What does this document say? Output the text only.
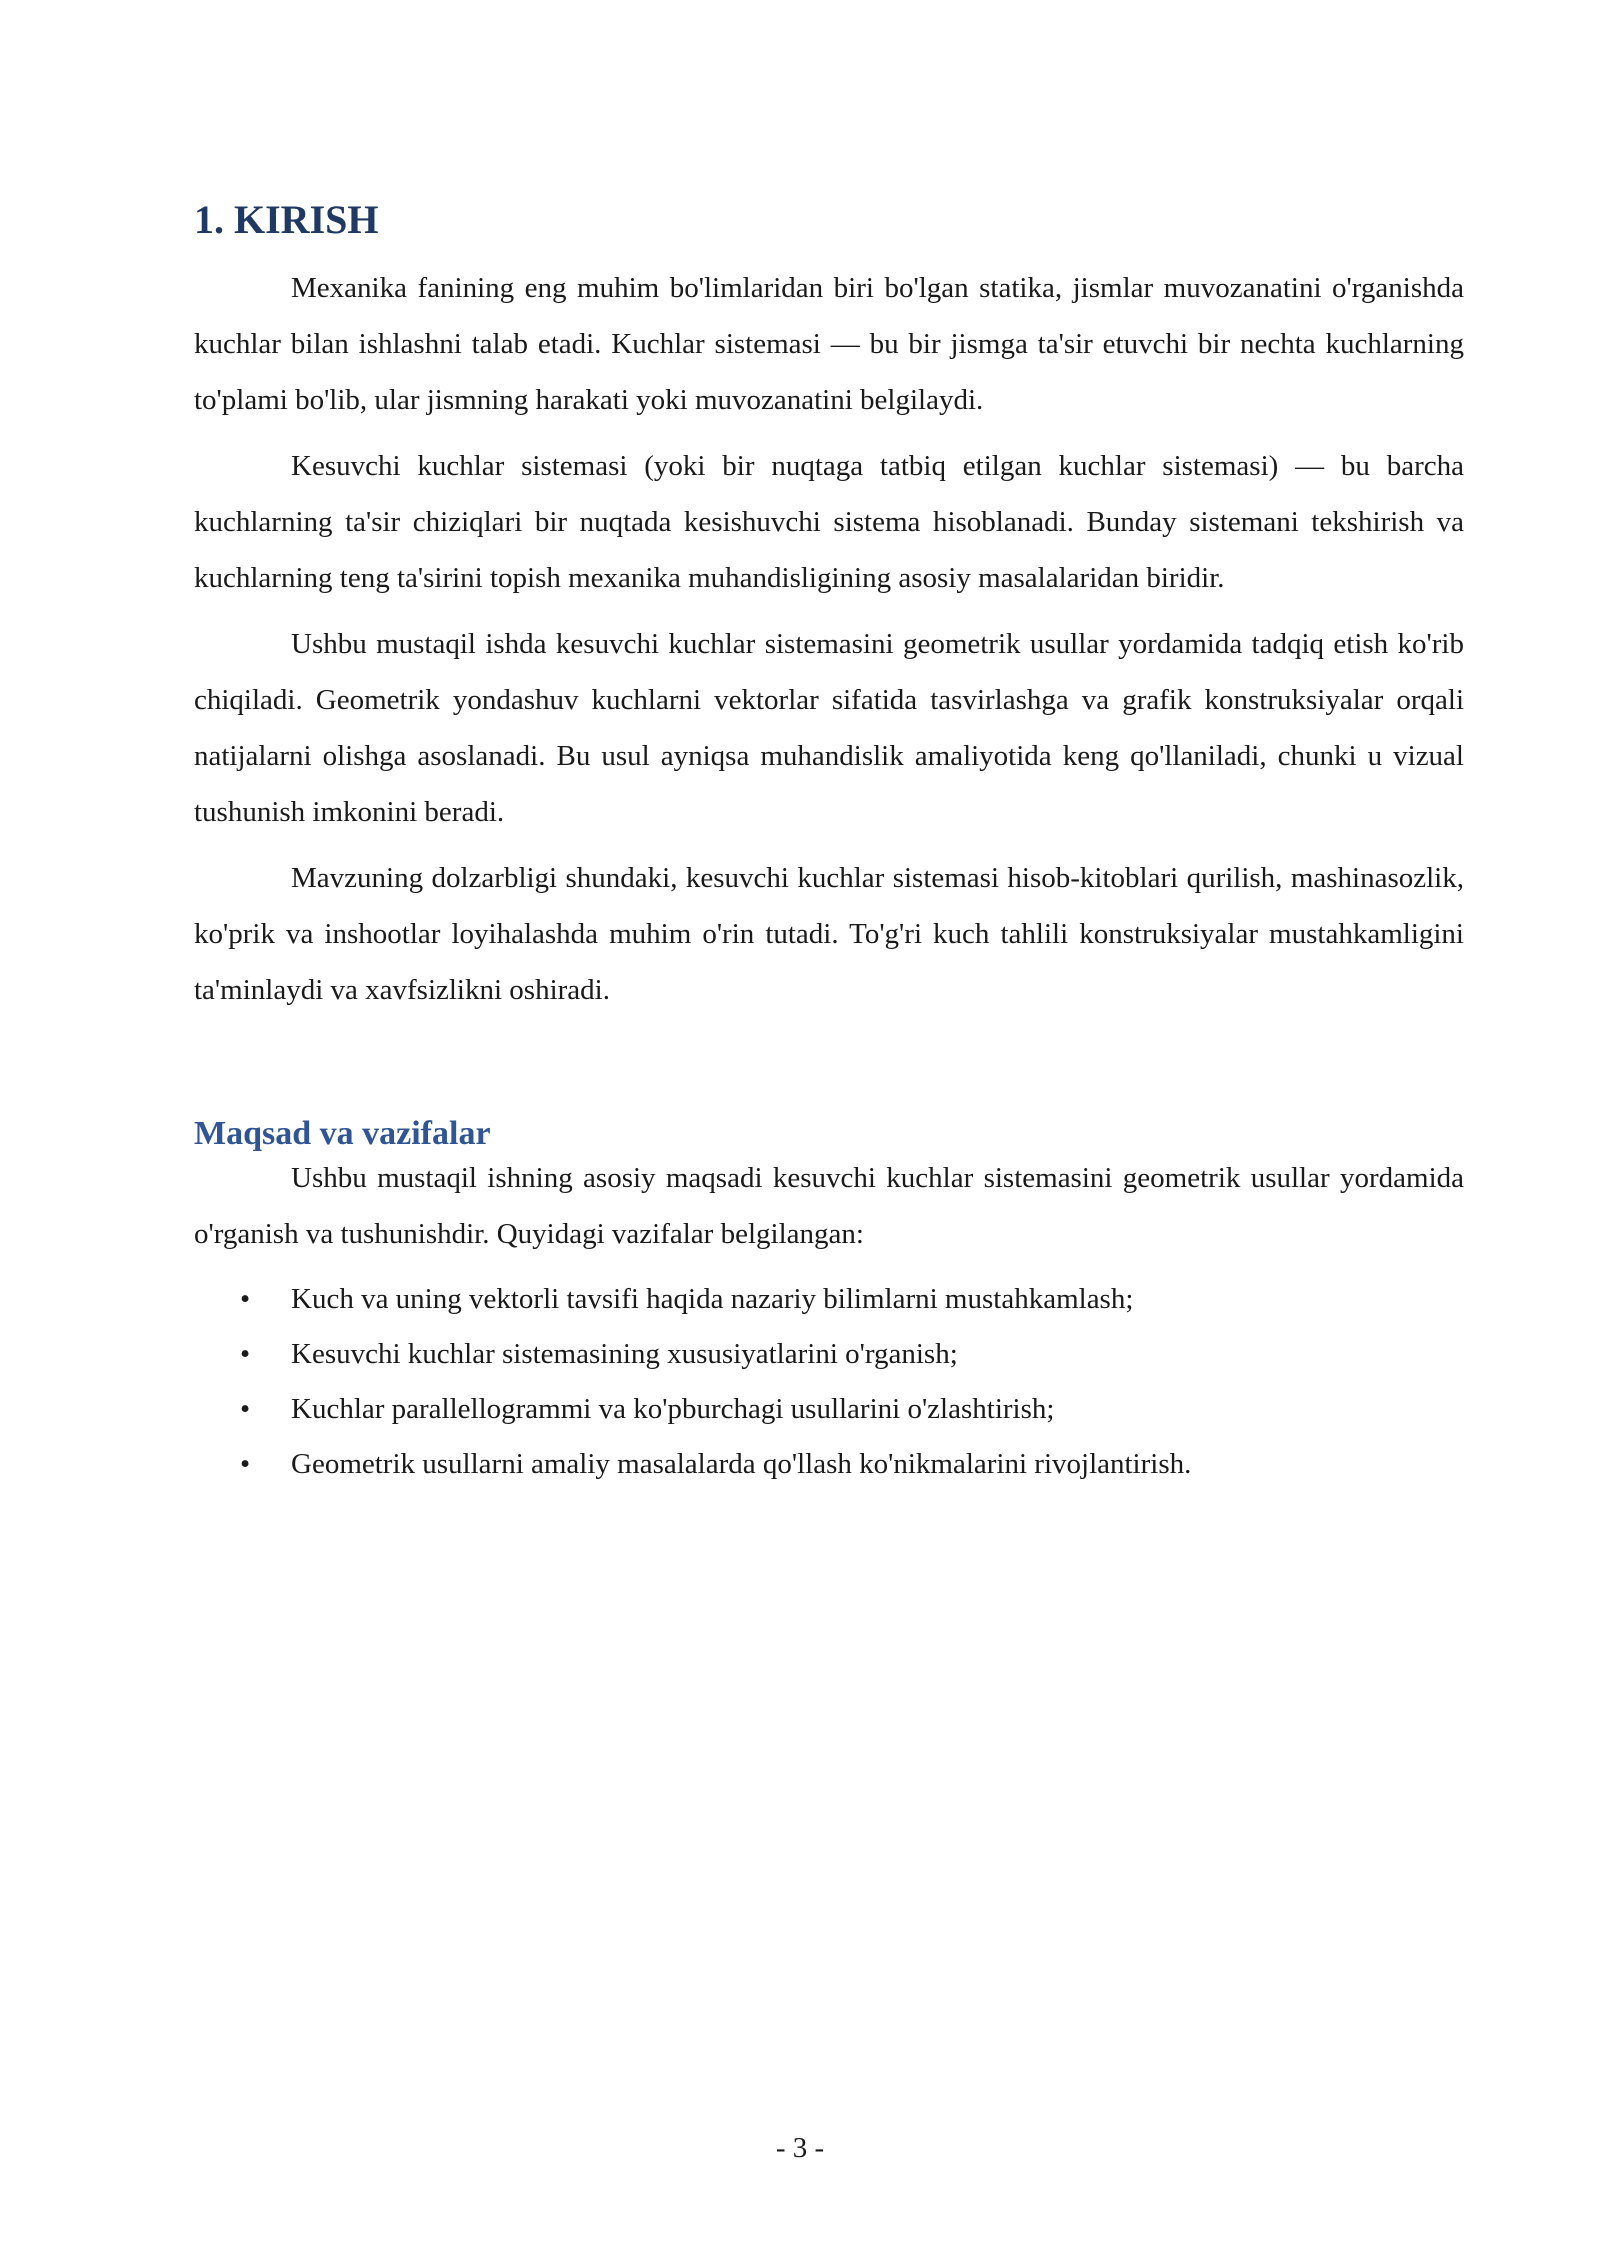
1. KIRISH

Mexanika fanining eng muhim bo'limlaridan biri bo'lgan statika, jismlar muvozanatini o'rganishda kuchlar bilan ishlashni talab etadi. Kuchlar sistemasi — bu bir jismga ta'sir etuvchi bir nechta kuchlarning to'plami bo'lib, ular jismning harakati yoki muvozanatini belgilaydi.

Kesuvchi kuchlar sistemasi (yoki bir nuqtaga tatbiq etilgan kuchlar sistemasi) — bu barcha kuchlarning ta'sir chiziqlari bir nuqtada kesishuvchi sistema hisoblanadi. Bunday sistemani tekshirish va kuchlarning teng ta'sirini topish mexanika muhandisligining asosiy masalalaridan biridir.

Ushbu mustaqil ishda kesuvchi kuchlar sistemasini geometrik usullar yordamida tadqiq etish ko'rib chiqiladi. Geometrik yondashuv kuchlarni vektorlar sifatida tasvirlashga va grafik konstruksiyalar orqali natijalarni olishga asoslanadi. Bu usul ayniqsa muhandislik amaliyotida keng qo'llaniladi, chunki u vizual tushunish imkonini beradi.

Mavzuning dolzarbligi shundaki, kesuvchi kuchlar sistemasi hisob-kitoblari qurilish, mashinasozlik, ko'prik va inshootlar loyihalashda muhim o'rin tutadi. To'g'ri kuch tahlili konstruksiyalar mustahkamligini ta'minlaydi va xavfsizlikni oshiradi.

Maqsad va vazifalar

Ushbu mustaqil ishning asosiy maqsadi kesuvchi kuchlar sistemasini geometrik usullar yordamida o'rganish va tushunishdir. Quyidagi vazifalar belgilangan:

• Kuch va uning vektorli tavsifi haqida nazariy bilimlarni mustahkamlash;
• Kesuvchi kuchlar sistemasining xususiyatlarini o'rganish;
• Kuchlar parallellogrammi va ko'pburchagi usullarini o'zlashtirish;
• Geometrik usullarni amaliy masalalarda qo'llash ko'nikmalarini rivojlantirish.
- 3 -
